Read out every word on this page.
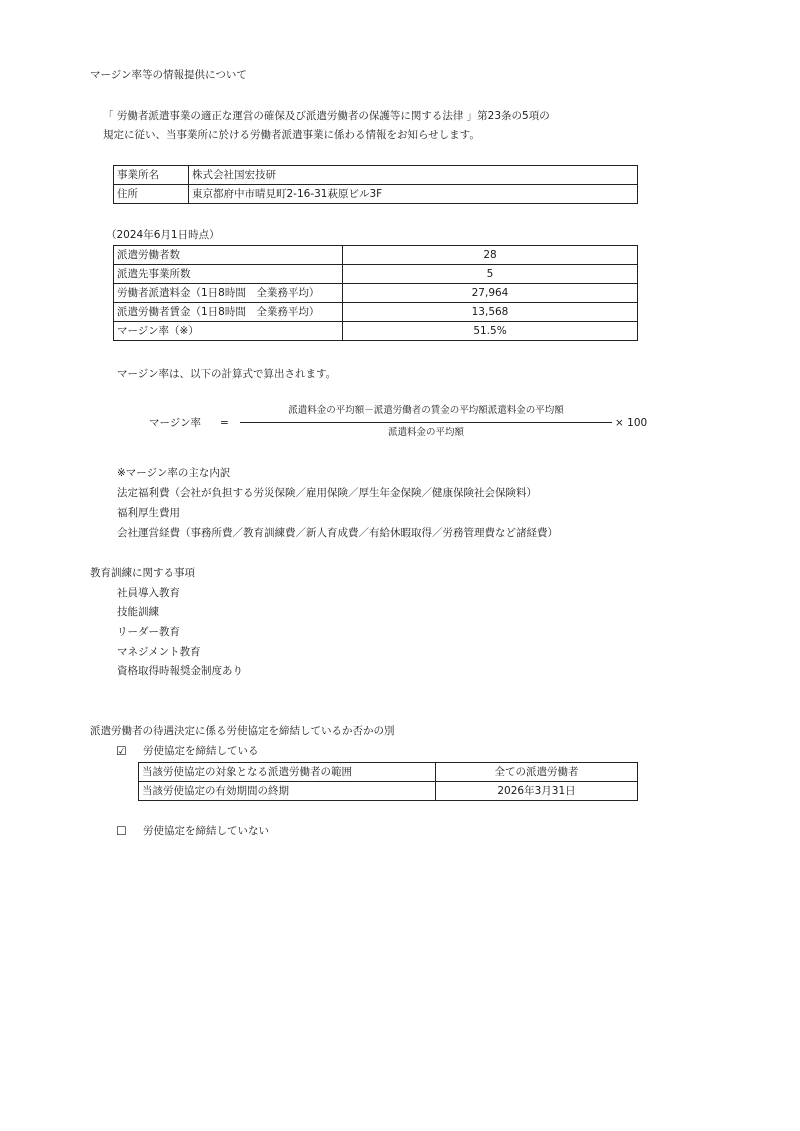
マージン率等の情報提供について
「 労働者派遣事業の適正な運営の確保及び派遣労働者の保護等に関する法律 」第23条の5項の
規定に従い、当事業所に於ける労働者派遣事業に係わる情報をお知らせします。
事業所名	株式会社国宏技研
住所	東京都府中市晴見町2-16-31萩原ビル3F
（2024年6月1日時点）
派遣労働者数	28
派遣先事業所数	5
労働者派遣料金（1日8時間　全業務平均）	27,964
派遣労働者賃金（1日8時間　全業務平均）	13,568
マージン率（※）	51.5%
マージン率は、以下の計算式で算出されます。
マージン率 =
派遣料金の平均額－派遣労働者の賃金の平均額派遣料金の平均額
派遣料金の平均額
× 100
※マージン率の主な内訳
法定福利費（会社が負担する労災保険／雇用保険／厚生年金保険／健康保険社会保険料）
福利厚生費用
会社運営経費（事務所費／教育訓練費／新人育成費／有給休暇取得／労務管理費など諸経費）
教育訓練に関する事項
社員導入教育
技能訓練
リーダー教育
マネジメント教育
資格取得時報奨金制度あり
派遣労働者の待遇決定に係る労使協定を締結しているか否かの別
☑ 労使協定を締結している
当該労使協定の対象となる派遣労働者の範囲	全ての派遣労働者
当該労使協定の有効期間の終期	2026年3月31日
☐ 労使協定を締結していない
